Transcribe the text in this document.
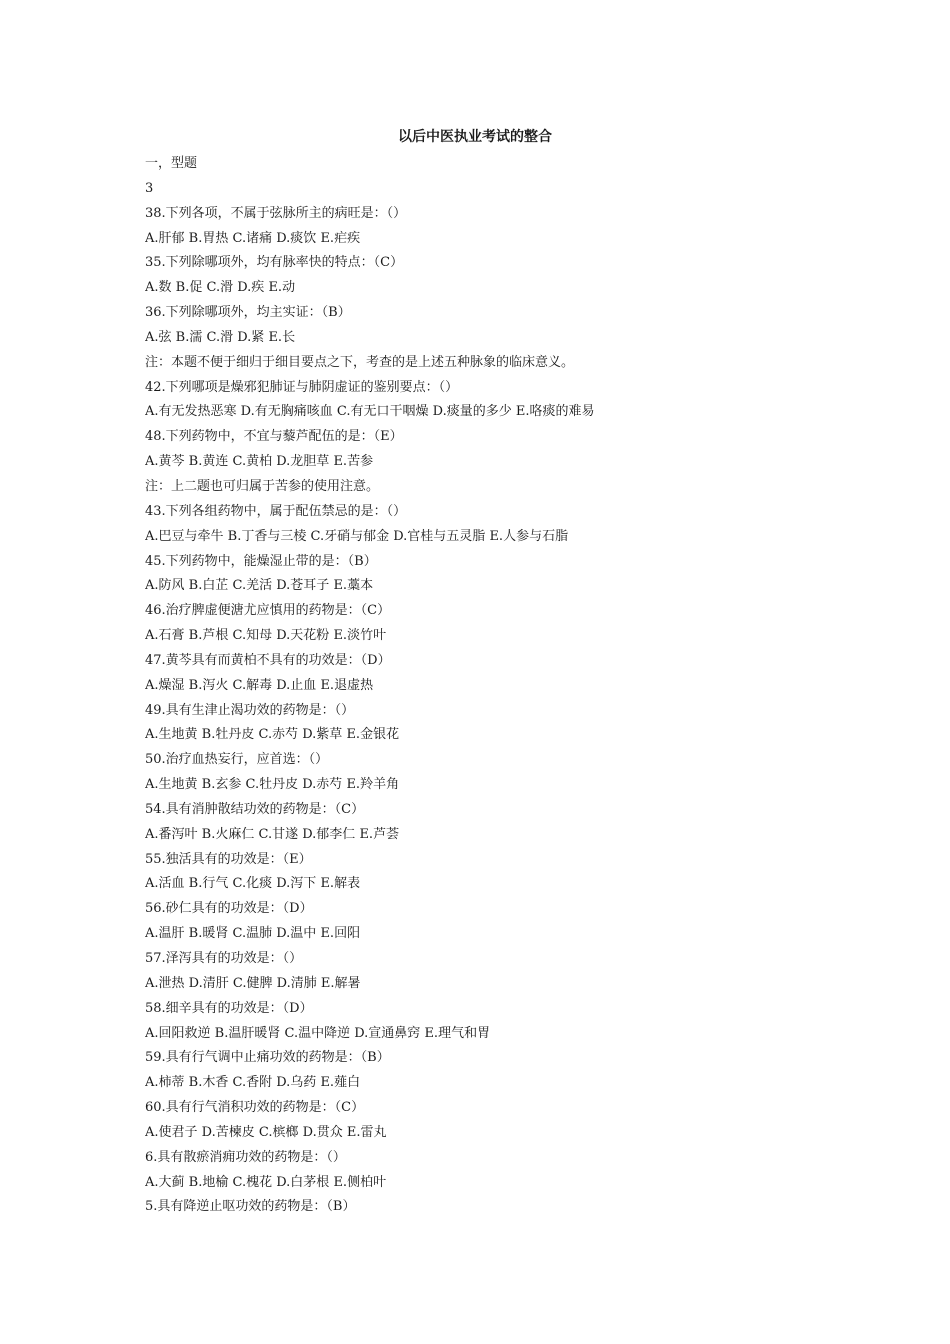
以后中医执业考试的整合
一，型题
3
38.下列各项，不属于弦脉所主的病旺是：（）
A.肝郁 B.胃热 C.诸痛 D.痰饮 E.疟疾
35.下列除哪项外，均有脉率快的特点：（C）
A.数 B.促 C.滑 D.疾 E.动
36.下列除哪项外，均主实证：（B）
A.弦 B.濡 C.滑 D.紧 E.长
注：本题不便于细归于细目要点之下，考查的是上述五种脉象的临床意义。
42.下列哪项是燥邪犯肺证与肺阴虚证的鉴别要点：（）
A.有无发热恶寒 D.有无胸痛咳血 C.有无口干咽燥 D.痰量的多少 E.咯痰的难易
48.下列药物中，不宜与藜芦配伍的是：（E）
A.黄芩 B.黄连 C.黄柏 D.龙胆草 E.苦参
注：上二题也可归属于苦参的使用注意。
43.下列各组药物中，属于配伍禁忌的是：（）
A.巴豆与牵牛 B.丁香与三棱 C.牙硝与郁金 D.官桂与五灵脂 E.人参与石脂
45.下列药物中，能燥湿止带的是：（B）
A.防风 B.白芷 C.羌活 D.苍耳子 E.藁本
46.治疗脾虚便溏尤应慎用的药物是：（C）
A.石膏 B.芦根 C.知母 D.天花粉 E.淡竹叶
47.黄芩具有而黄柏不具有的功效是：（D）
A.燥湿 B.泻火 C.解毒 D.止血 E.退虚热
49.具有生津止渴功效的药物是：（）
A.生地黄 B.牡丹皮 C.赤芍 D.紫草 E.金银花
50.治疗血热妄行，应首选：（）
A.生地黄 B.玄参 C.牡丹皮 D.赤芍 E.羚羊角
54.具有消肿散结功效的药物是：（C）
A.番泻叶 B.火麻仁 C.甘遂 D.郁李仁 E.芦荟
55.独活具有的功效是：（E）
A.活血 B.行气 C.化痰 D.泻下 E.解表
56.砂仁具有的功效是：（D）
A.温肝 B.暖肾 C.温肺 D.温中 E.回阳
57.泽泻具有的功效是：（）
A.泄热 D.清肝 C.健脾 D.清肺 E.解暑
58.细辛具有的功效是：（D）
A.回阳救逆 B.温肝暖肾 C.温中降逆 D.宣通鼻窍 E.理气和胃
59.具有行气调中止痛功效的药物是：（B）
A.柿蒂 B.木香 C.香附 D.乌药 E.薤白
60.具有行气消积功效的药物是：（C）
A.使君子 D.苦楝皮 C.槟榔 D.贯众 E.雷丸
6.具有散瘀消痈功效的药物是：（）
A.大蓟 B.地榆 C.槐花 D.白茅根 E.侧柏叶
5.具有降逆止呕功效的药物是：（B）
